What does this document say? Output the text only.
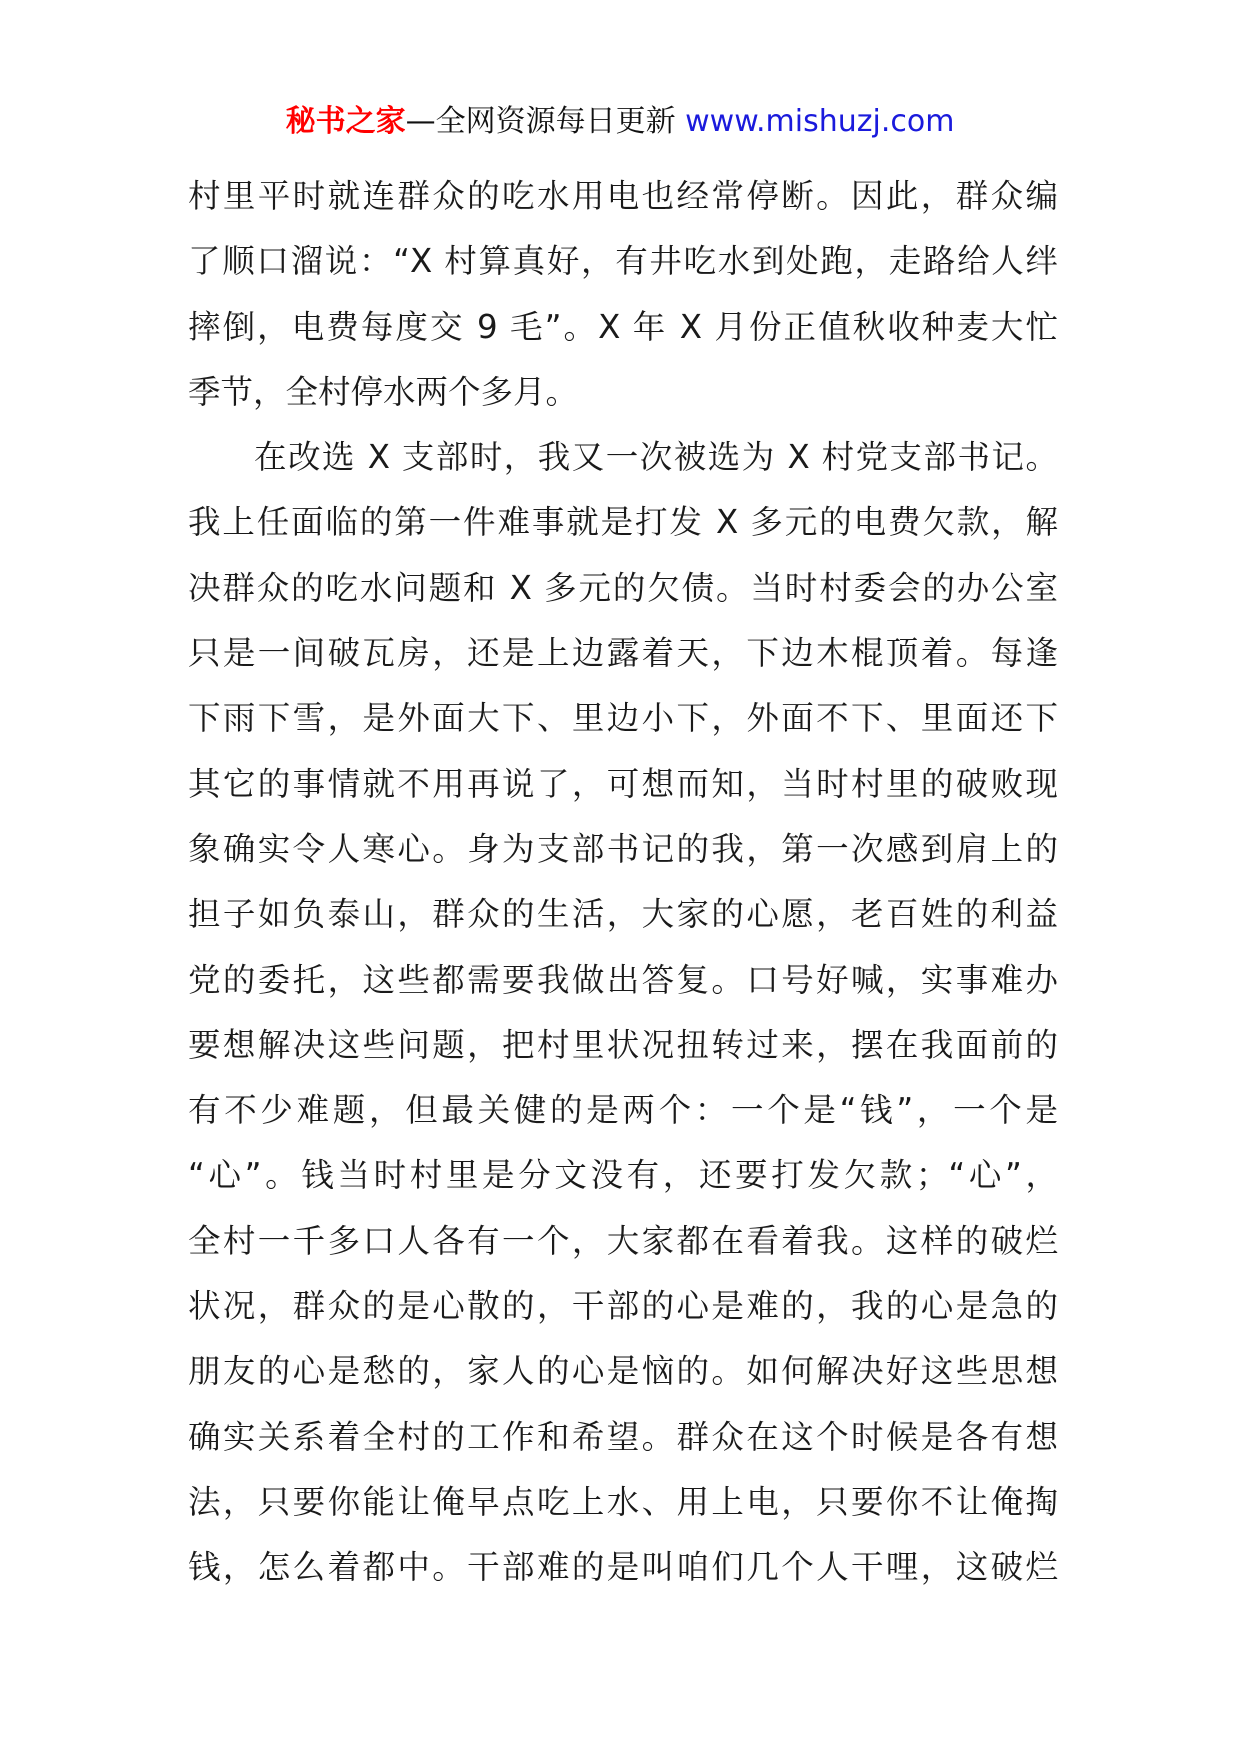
秘书之家—全网资源每日更新 www.mishuzj.com
村里平时就连群众的吃水用电也经常停断。因此，群众编
了顺口溜说：“X 村算真好，有井吃水到处跑，走路给人绊
摔倒，电费每度交 9 毛”。X 年 X 月份正值秋收种麦大忙
季节，全村停水两个多月。
在改选 X 支部时，我又一次被选为 X 村党支部书记。
我上任面临的第一件难事就是打发 X 多元的电费欠款，解
决群众的吃水问题和 X 多元的欠债。当时村委会的办公室
只是一间破瓦房，还是上边露着天，下边木棍顶着。每逢
下雨下雪，是外面大下、里边小下，外面不下、里面还下
其它的事情就不用再说了，可想而知，当时村里的破败现
象确实令人寒心。身为支部书记的我，第一次感到肩上的
担子如负泰山，群众的生活，大家的心愿，老百姓的利益
党的委托，这些都需要我做出答复。口号好喊，实事难办
要想解决这些问题，把村里状况扭转过来，摆在我面前的
有不少难题，但最关健的是两个：一个是“钱”，一个是
“心”。钱当时村里是分文没有，还要打发欠款；“心”，
全村一千多口人各有一个，大家都在看着我。这样的破烂
状况，群众的是心散的，干部的心是难的，我的心是急的
朋友的心是愁的，家人的心是恼的。如何解决好这些思想
确实关系着全村的工作和希望。群众在这个时候是各有想
法，只要你能让俺早点吃上水、用上电，只要你不让俺掏
钱，怎么着都中。干部难的是叫咱们几个人干哩，这破烂
